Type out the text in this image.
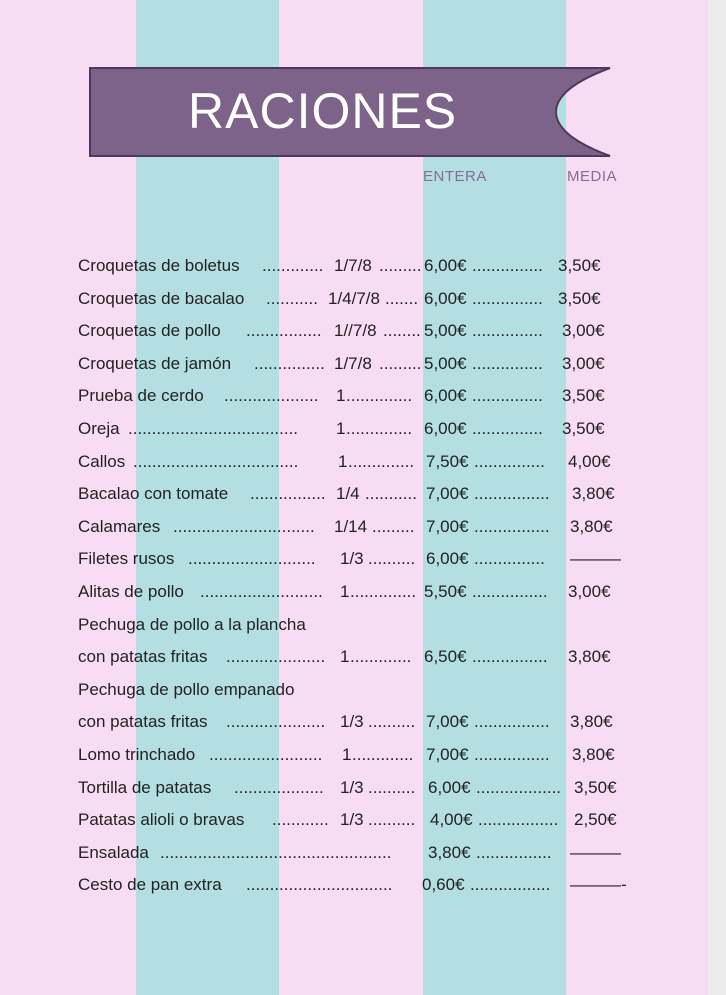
RACIONES
ENTERA	MEDIA
Croquetas de boletus ............. 1/7/8 ......... 6,00€ ............... 3,50€
Croquetas de bacalao ........... 1/4/7/8 ....... 6,00€ ............... 3,50€
Croquetas de pollo ................ 1//7/8 ........ 5,00€ ............... 3,00€
Croquetas de jamón ............... 1/7/8 ......... 5,00€ ............... 3,00€
Prueba de cerdo .................... 1 .............. 6,00€ ............... 3,50€
Oreja .................................... 1 .............. 6,00€ ............... 3,50€
Callos ................................... 1 .............. 7,50€ ............... 4,00€
Bacalao con tomate ................ 1/4 ........... 7,00€ ................ 3,80€
Calamares .............................. 1/14 ......... 7,00€ ................ 3,80€
Filetes rusos ........................... 1/3 .......... 6,00€ ............... ———
Alitas de pollo .......................... 1 .............. 5,50€ ................ 3,00€
Pechuga de pollo a la plancha
con patatas fritas ..................... 1 ............. 6,50€ ................ 3,80€
Pechuga de pollo empanado
con patatas fritas ..................... 1/3 .......... 7,00€ ................ 3,80€
Lomo trinchado ........................ 1 ............. 7,00€ ................ 3,80€
Tortilla de patatas ................... 1/3 .......... 6,00€ .................. 3,50€
Patatas alioli o bravas ............ 1/3 .......... 4,00€ ................. 2,50€
Ensalada ................................................. 3,80€ ................ ———
Cesto de pan extra ............................... 0,60€ ................. ———-
